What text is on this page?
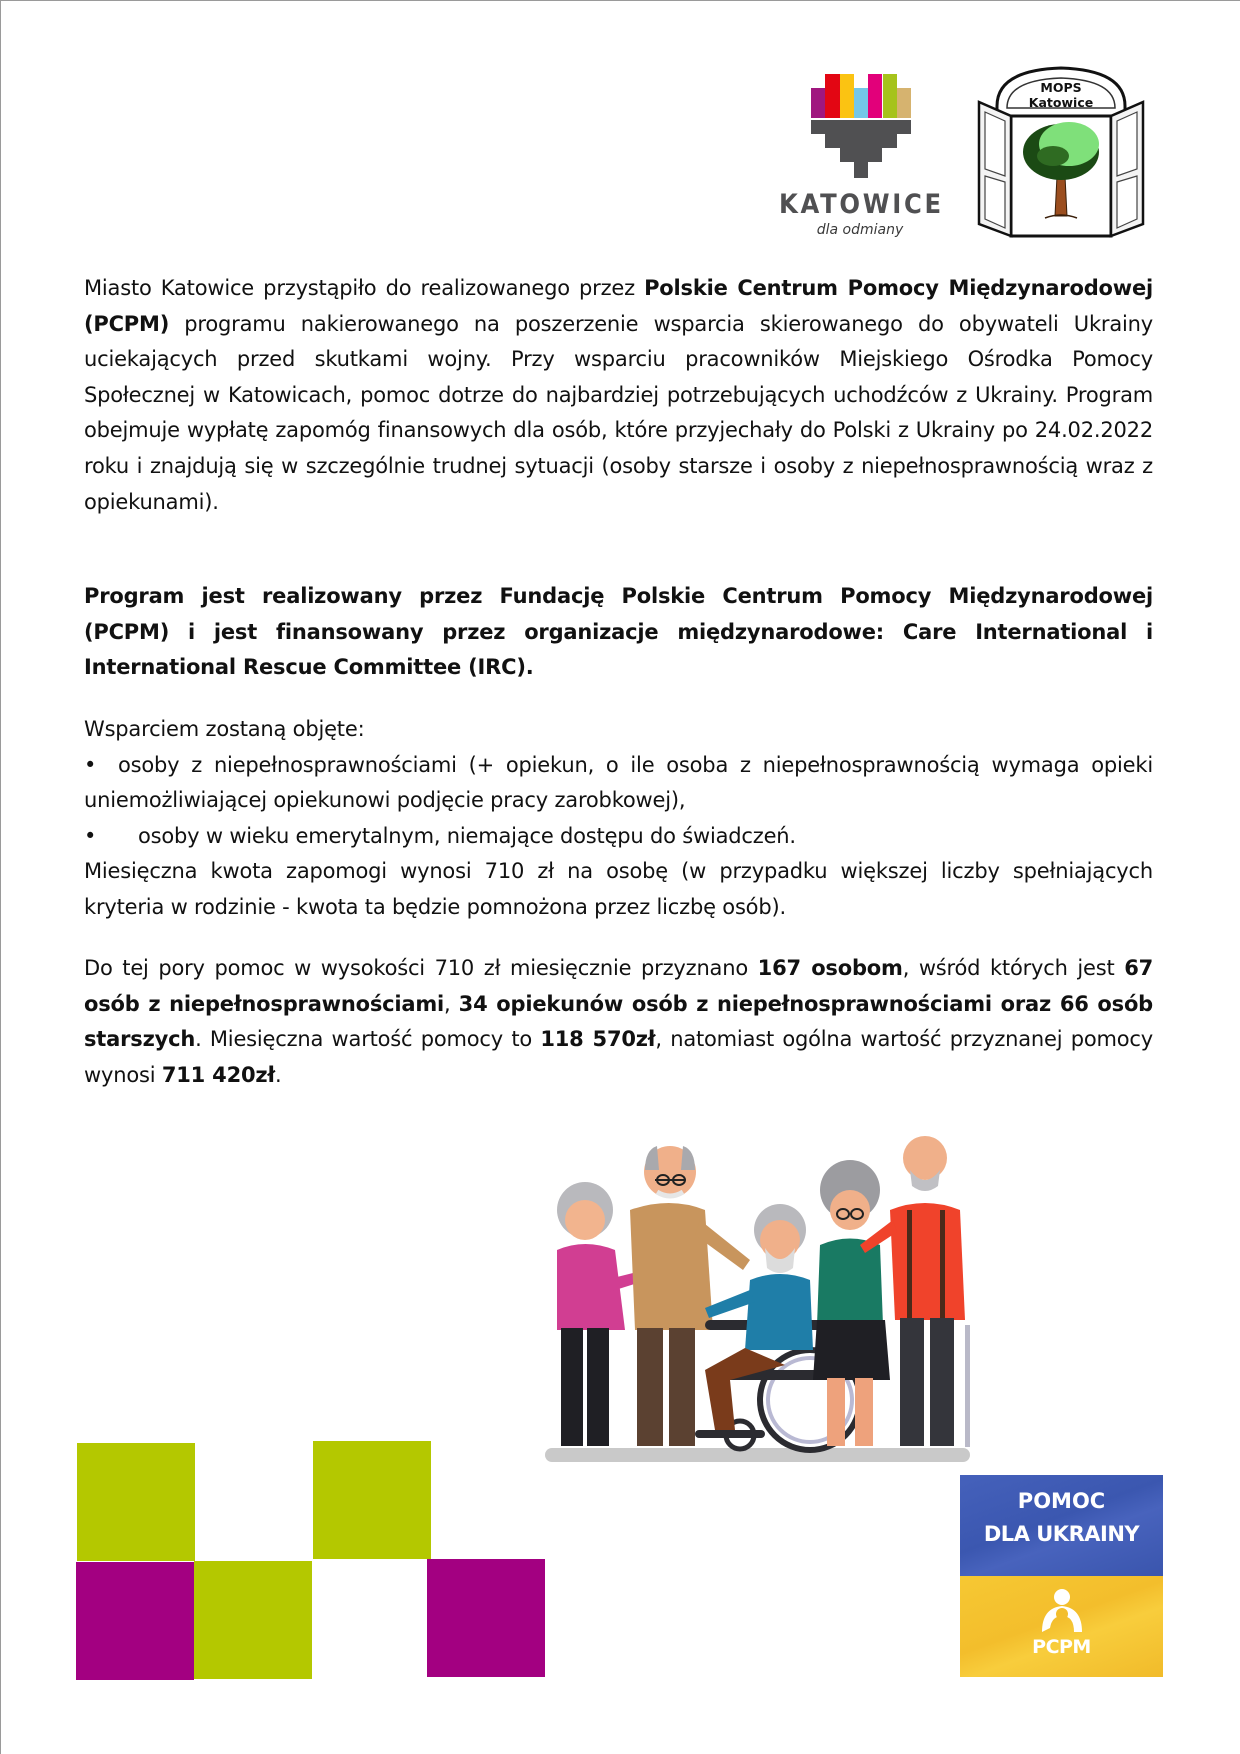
KATOWICE
dla odmiany
MOPS
Katowice
Miasto Katowice przystąpiło do realizowanego przez Polskie Centrum Pomocy Międzynarodowej (PCPM) programu nakierowanego na poszerzenie wsparcia skierowanego do obywateli Ukrainy uciekających przed skutkami wojny. Przy wsparciu pracowników Miejskiego Ośrodka Pomocy Społecznej w Katowicach, pomoc dotrze do najbardziej potrzebujących uchodźców z Ukrainy. Program obejmuje wypłatę zapomóg finansowych dla osób, które przyjechały do Polski z Ukrainy po 24.02.2022 roku i znajdują się w szczególnie trudnej sytuacji (osoby starsze i osoby z niepełnosprawnością wraz z opiekunami).
Program jest realizowany przez Fundację Polskie Centrum Pomocy Międzynarodowej (PCPM) i jest finansowany przez organizacje międzynarodowe: Care International i International Rescue Committee (IRC).
Wsparciem zostaną objęte:
• osoby z niepełnosprawnościami (+ opiekun, o ile osoba z niepełnosprawnością wymaga opieki uniemożliwiającej opiekunowi podjęcie pracy zarobkowej),
• osoby w wieku emerytalnym, niemające dostępu do świadczeń.
Miesięczna kwota zapomogi wynosi 710 zł na osobę (w przypadku większej liczby spełniających kryteria w rodzinie - kwota ta będzie pomnożona przez liczbę osób).
Do tej pory pomoc w wysokości 710 zł miesięcznie przyznano 167 osobom, wśród których jest 67 osób z niepełnosprawnościami, 34 opiekunów osób z niepełnosprawnościami oraz 66 osób starszych. Miesięczna wartość pomocy to 118 570zł, natomiast ogólna wartość przyznanej pomocy wynosi 711 420zł.
POMOC
DLA UKRAINY
PCPM
